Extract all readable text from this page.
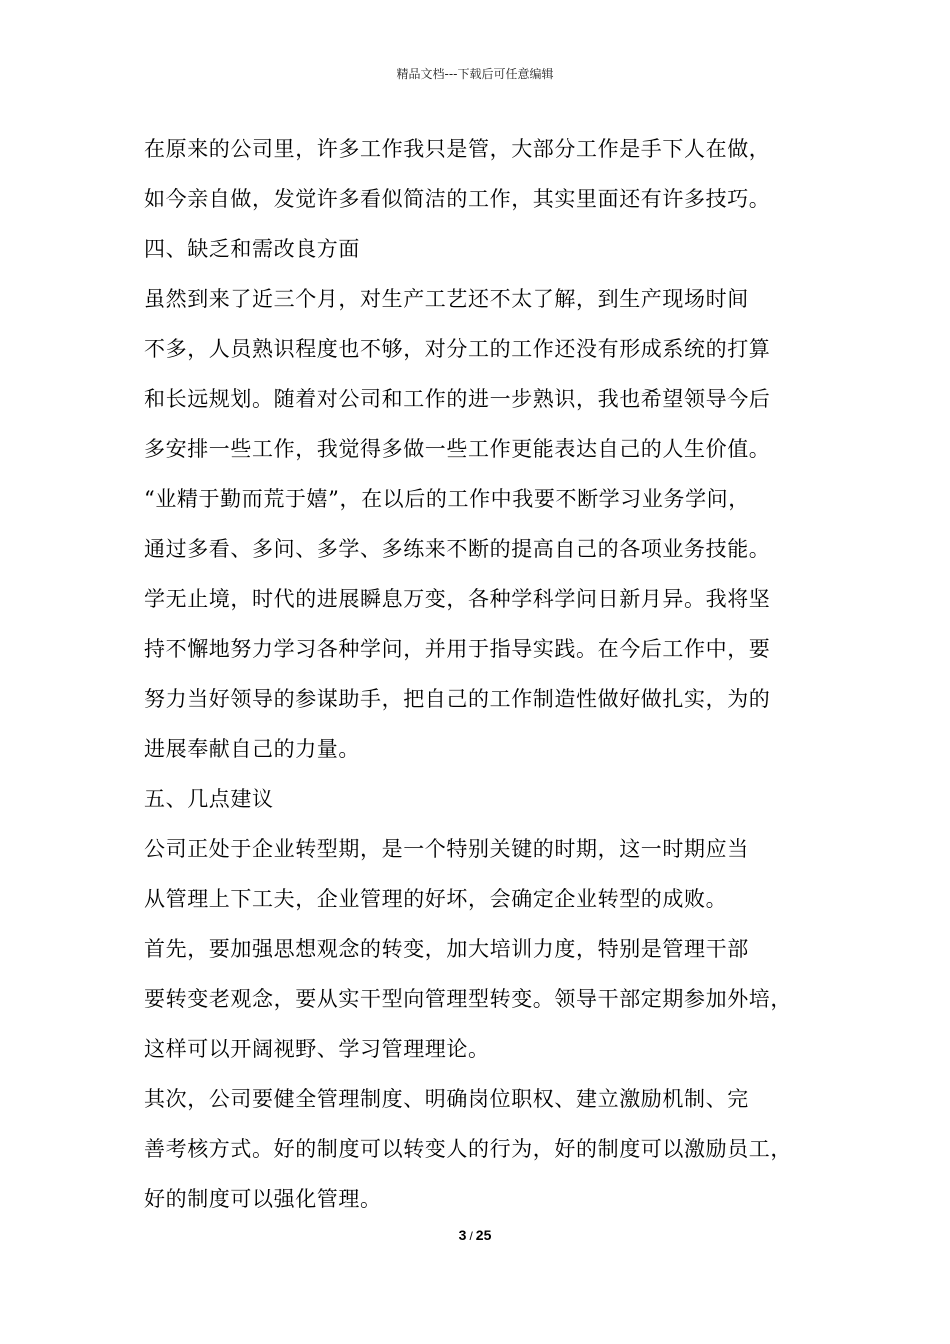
精品文档---下载后可任意编辑
在原来的公司里，许多工作我只是管，大部分工作是手下人在做，
如今亲自做，发觉许多看似简洁的工作，其实里面还有许多技巧。
四、缺乏和需改良方面
虽然到来了近三个月，对生产工艺还不太了解，到生产现场时间
不多，人员熟识程度也不够，对分工的工作还没有形成系统的打算
和长远规划。随着对公司和工作的进一步熟识，我也希望领导今后
多安排一些工作，我觉得多做一些工作更能表达自己的人生价值。
“业精于勤而荒于嬉”，在以后的工作中我要不断学习业务学问，
通过多看、多问、多学、多练来不断的提高自己的各项业务技能。
学无止境，时代的进展瞬息万变，各种学科学问日新月异。我将坚
持不懈地努力学习各种学问，并用于指导实践。在今后工作中，要
努力当好领导的参谋助手，把自己的工作制造性做好做扎实，为的
进展奉献自己的力量。
五、几点建议
公司正处于企业转型期，是一个特别关键的时期，这一时期应当
从管理上下工夫，企业管理的好坏，会确定企业转型的成败。
首先，要加强思想观念的转变，加大培训力度，特别是管理干部
要转变老观念，要从实干型向管理型转变。领导干部定期参加外培，
这样可以开阔视野、学习管理理论。
其次，公司要健全管理制度、明确岗位职权、建立激励机制、完
善考核方式。好的制度可以转变人的行为，好的制度可以激励员工，
好的制度可以强化管理。
3 / 25
